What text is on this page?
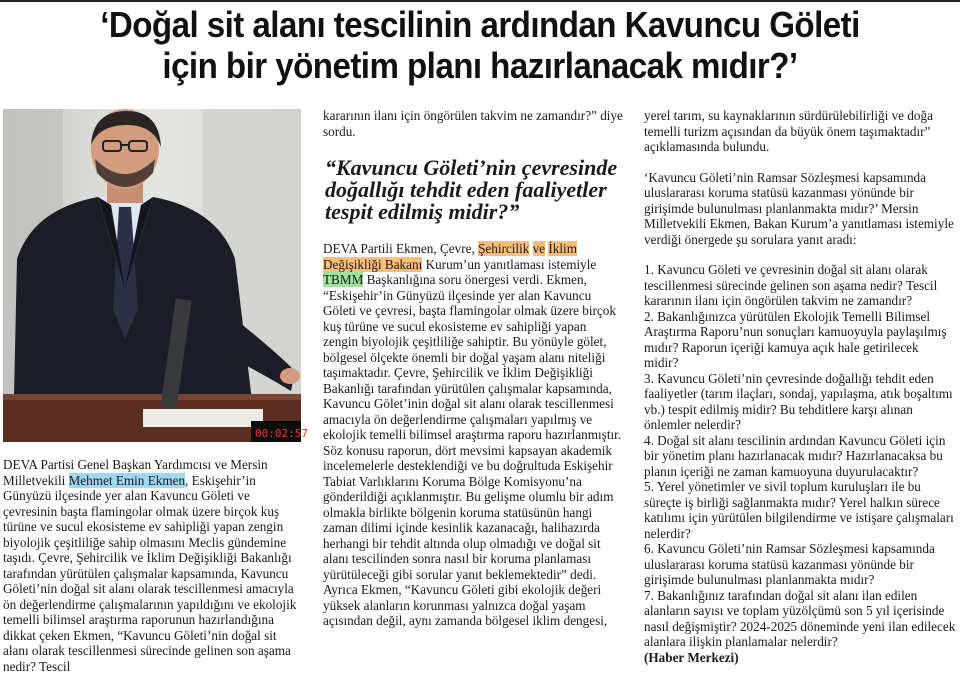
‘Doğal sit alanı tescilinin ardından Kavuncu Göleti
için bir yönetim planı hazırlanacak mıdır?’
00:02:57

DEVA Partisi Genel Başkan Yardımcısı ve Mersin Milletvekili Mehmet Emin Ekmen, Eskişehir’in Günyüzü ilçesinde yer alan Kavuncu Göleti ve çevresinin başta flamingolar olmak üzere birçok kuş türüne ve sucul ekosisteme ev sahipliği yapan zengin biyolojik çeşitliliğe sahip olmasını Meclis gündemine taşıdı. Çevre, Şehircilik ve İklim Değişikliği Bakanlığı tarafından yürütülen çalışmalar kapsamında, Kavuncu Göleti’nin doğal sit alanı olarak tescillenmesi amacıyla ön değerlendirme çalışmalarının yapıldığını ve ekolojik temelli bilimsel araştırma raporunun hazırlandığına dikkat çeken Ekmen, “Kavuncu Göleti’nin doğal sit alanı olarak tescillenmesi sürecinde gelinen son aşama nedir? Tescil

kararının ilanı için öngörülen takvim ne zamandır?” diye sordu.

“Kavuncu Göleti’nin çevresinde doğallığı tehdit eden faaliyetler tespit edilmiş midir?”

DEVA Partili Ekmen, Çevre, Şehircilik ve İklim Değişikliği Bakanı Kurum’un yanıtlaması istemiyle TBMM Başkanlığına soru önergesi verdi. Ekmen, “Eskişehir’in Günyüzü ilçesinde yer alan Kavuncu Göleti ve çevresi, başta flamingolar olmak üzere birçok kuş türüne ve sucul ekosisteme ev sahipliği yapan zengin biyolojik çeşitliliğe sahiptir. Bu yönüyle gölet, bölgesel ölçekte önemli bir doğal yaşam alanı niteliği taşımaktadır. Çevre, Şehircilik ve İklim Değişikliği Bakanlığı tarafından yürütülen çalışmalar kapsamında, Kavuncu Gölet’inin doğal sit alanı olarak tescillenmesi amacıyla ön değerlendirme çalışmaları yapılmış ve ekolojik temelli bilimsel araştırma raporu hazırlanmıştır. Söz konusu raporun, dört mevsimi kapsayan akademik incelemelerle desteklendiği ve bu doğrultuda Eskişehir Tabiat Varlıklarını Koruma Bölge Komisyonu’na gönderildiği açıklanmıştır. Bu gelişme olumlu bir adım olmakla birlikte bölgenin koruma statüsünün hangi zaman dilimi içinde kesinlik kazanacağı, halihazırda herhangi bir tehdit altında olup olmadığı ve doğal sit alanı tescilinden sonra nasıl bir koruma planlaması yürütüleceği gibi sorular yanıt beklemektedir” dedi.

Ayrıca Ekmen, “Kavuncu Göleti gibi ekolojik değeri yüksek alanların korunması yalnızca doğal yaşam açısından değil, aynı zamanda bölgesel iklim dengesi,

yerel tarım, su kaynaklarının sürdürülebilirliği ve doğa temelli turizm açısından da büyük önem taşımaktadır” açıklamasında bulundu.

‘Kavuncu Göleti’nin Ramsar Sözleşmesi kapsamında uluslararası koruma statüsü kazanması yönünde bir girişimde bulunulması planlanmakta mıdır?’ Mersin Milletvekili Ekmen, Bakan Kurum’a yanıtlaması istemiyle verdiği önergede şu sorulara yanıt aradı:

1. Kavuncu Göleti ve çevresinin doğal sit alanı olarak tescillenmesi sürecinde gelinen son aşama nedir? Tescil kararının ilanı için öngörülen takvim ne zamandır?

2. Bakanlığınızca yürütülen Ekolojik Temelli Bilimsel Araştırma Raporu’nun sonuçları kamuoyuyla paylaşılmış mıdır? Raporun içeriği kamuya açık hale getirilecek midir?

3. Kavuncu Göleti’nin çevresinde doğallığı tehdit eden faaliyetler (tarım ilaçları, sondaj, yapılaşma, atık boşaltımı vb.) tespit edilmiş midir? Bu tehditlere karşı alınan önlemler nelerdir?

4. Doğal sit alanı tescilinin ardından Kavuncu Göleti için bir yönetim planı hazırlanacak mıdır? Hazırlanacaksa bu planın içeriği ne zaman kamuoyuna duyurulacaktır?

5. Yerel yönetimler ve sivil toplum kuruluşları ile bu süreçte iş birliği sağlanmakta mıdır? Yerel halkın sürece katılımı için yürütülen bilgilendirme ve istişare çalışmaları nelerdir?

6. Kavuncu Göleti’nin Ramsar Sözleşmesi kapsamında uluslararası koruma statüsü kazanması yönünde bir girişimde bulunulması planlanmakta mıdır?

7. Bakanlığınız tarafından doğal sit alanı ilan edilen alanların sayısı ve toplam yüzölçümü son 5 yıl içerisinde nasıl değişmiştir? 2024-2025 döneminde yeni ilan edilecek alanlara ilişkin planlamalar nelerdir?

(Haber Merkezi)
